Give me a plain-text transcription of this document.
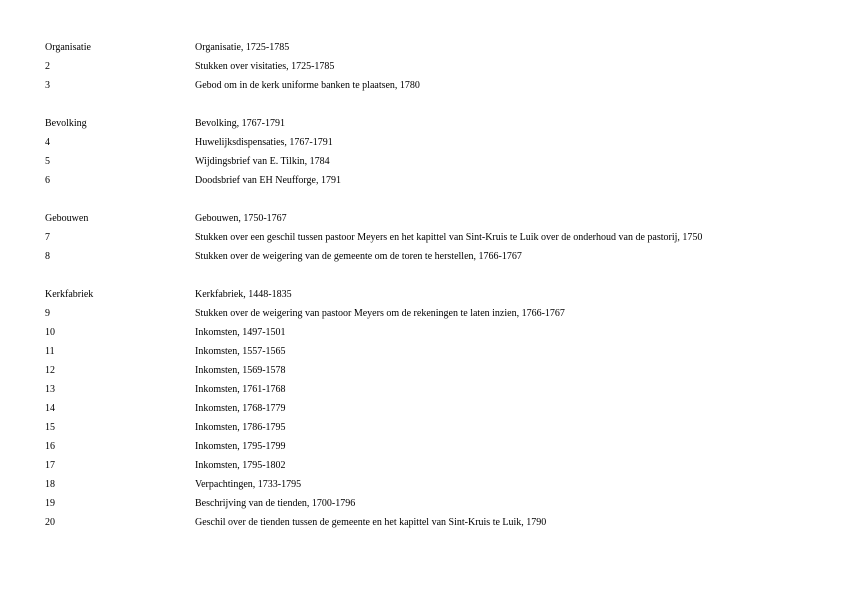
Organisatie	Organisatie, 1725-1785
2	Stukken over visitaties, 1725-1785
3	Gebod om in de kerk uniforme banken te plaatsen, 1780
Bevolking	Bevolking, 1767-1791
4	Huwelijksdispensaties, 1767-1791
5	Wijdingsbrief van E. Tilkin, 1784
6	Doodsbrief van EH Neufforge, 1791
Gebouwen	Gebouwen, 1750-1767
7	Stukken over een geschil tussen pastoor Meyers en het kapittel van Sint-Kruis te Luik over de onderhoud van de pastorij, 1750
8	Stukken over de weigering van de gemeente om de toren te herstellen, 1766-1767
Kerkfabriek	Kerkfabriek, 1448-1835
9	Stukken over de weigering van pastoor Meyers om de rekeningen te laten inzien, 1766-1767
10	Inkomsten, 1497-1501
11	Inkomsten, 1557-1565
12	Inkomsten, 1569-1578
13	Inkomsten, 1761-1768
14	Inkomsten, 1768-1779
15	Inkomsten, 1786-1795
16	Inkomsten, 1795-1799
17	Inkomsten, 1795-1802
18	Verpachtingen, 1733-1795
19	Beschrijving van de tienden, 1700-1796
20	Geschil over de tienden tussen de gemeente en het kapittel van Sint-Kruis te Luik, 1790
